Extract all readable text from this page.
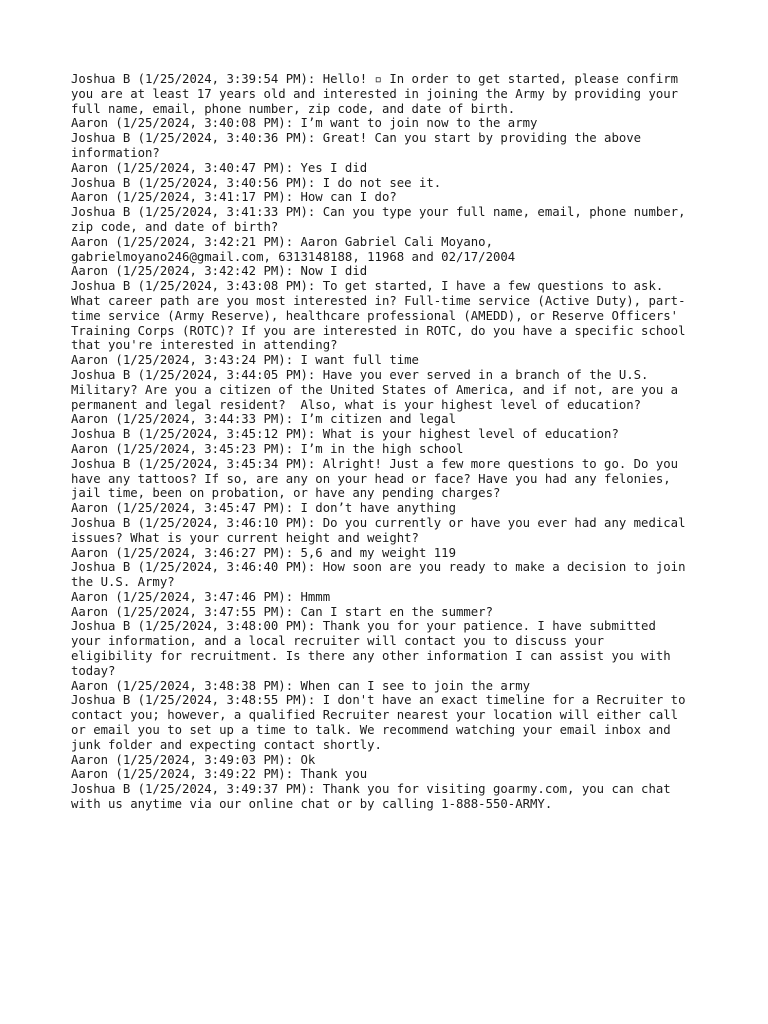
Joshua B (1/25/2024, 3:39:54 PM): Hello! ▫ In order to get started, please confirm
you are at least 17 years old and interested in joining the Army by providing your
full name, email, phone number, zip code, and date of birth.
Aaron (1/25/2024, 3:40:08 PM): I’m want to join now to the army
Joshua B (1/25/2024, 3:40:36 PM): Great! Can you start by providing the above
information?
Aaron (1/25/2024, 3:40:47 PM): Yes I did
Joshua B (1/25/2024, 3:40:56 PM): I do not see it.
Aaron (1/25/2024, 3:41:17 PM): How can I do?
Joshua B (1/25/2024, 3:41:33 PM): Can you type your full name, email, phone number,
zip code, and date of birth?
Aaron (1/25/2024, 3:42:21 PM): Aaron Gabriel Cali Moyano,
gabrielmoyano246@gmail.com, 6313148188, 11968 and 02/17/2004
Aaron (1/25/2024, 3:42:42 PM): Now I did
Joshua B (1/25/2024, 3:43:08 PM): To get started, I have a few questions to ask.
What career path are you most interested in? Full-time service (Active Duty), part-
time service (Army Reserve), healthcare professional (AMEDD), or Reserve Officers'
Training Corps (ROTC)? If you are interested in ROTC, do you have a specific school
that you're interested in attending?
Aaron (1/25/2024, 3:43:24 PM): I want full time
Joshua B (1/25/2024, 3:44:05 PM): Have you ever served in a branch of the U.S.
Military? Are you a citizen of the United States of America, and if not, are you a
permanent and legal resident?  Also, what is your highest level of education?
Aaron (1/25/2024, 3:44:33 PM): I’m citizen and legal
Joshua B (1/25/2024, 3:45:12 PM): What is your highest level of education?
Aaron (1/25/2024, 3:45:23 PM): I’m in the high school
Joshua B (1/25/2024, 3:45:34 PM): Alright! Just a few more questions to go. Do you
have any tattoos? If so, are any on your head or face? Have you had any felonies,
jail time, been on probation, or have any pending charges?
Aaron (1/25/2024, 3:45:47 PM): I don’t have anything
Joshua B (1/25/2024, 3:46:10 PM): Do you currently or have you ever had any medical
issues? What is your current height and weight?
Aaron (1/25/2024, 3:46:27 PM): 5,6 and my weight 119
Joshua B (1/25/2024, 3:46:40 PM): How soon are you ready to make a decision to join
the U.S. Army?
Aaron (1/25/2024, 3:47:46 PM): Hmmm
Aaron (1/25/2024, 3:47:55 PM): Can I start en the summer?
Joshua B (1/25/2024, 3:48:00 PM): Thank you for your patience. I have submitted
your information, and a local recruiter will contact you to discuss your
eligibility for recruitment. Is there any other information I can assist you with
today?
Aaron (1/25/2024, 3:48:38 PM): When can I see to join the army
Joshua B (1/25/2024, 3:48:55 PM): I don't have an exact timeline for a Recruiter to
contact you; however, a qualified Recruiter nearest your location will either call
or email you to set up a time to talk. We recommend watching your email inbox and
junk folder and expecting contact shortly.
Aaron (1/25/2024, 3:49:03 PM): Ok
Aaron (1/25/2024, 3:49:22 PM): Thank you
Joshua B (1/25/2024, 3:49:37 PM): Thank you for visiting goarmy.com, you can chat
with us anytime via our online chat or by calling 1-888-550-ARMY.
